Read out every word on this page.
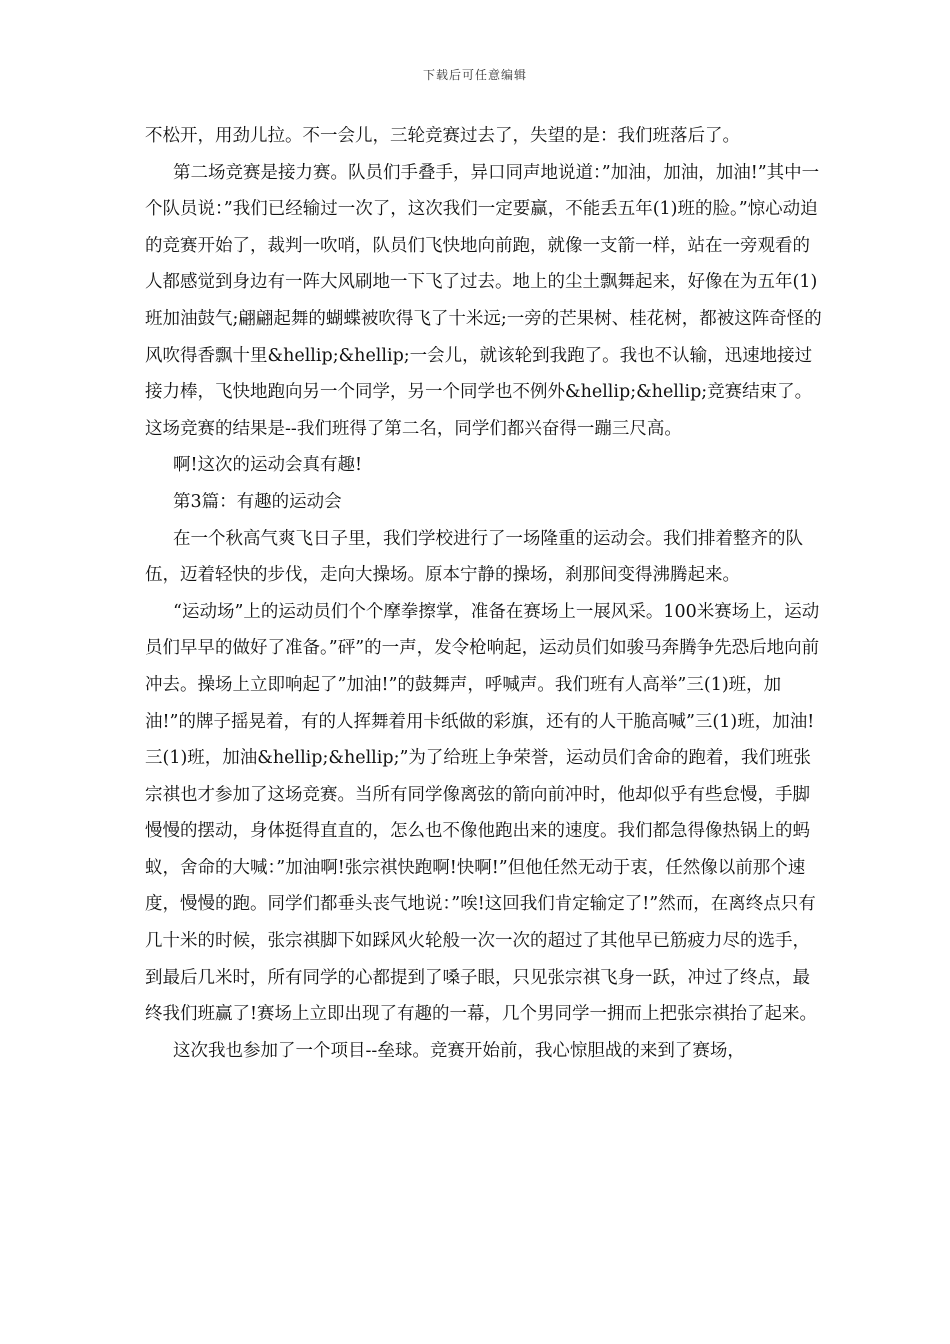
下载后可任意编辑

不松开，用劲儿拉。不一会儿，三轮竞赛过去了，失望的是：我们班落后了。

第二场竞赛是接力赛。队员们手叠手，异口同声地说道：”加油，加油，加油!”其中一个队员说：”我们已经输过一次了，这次我们一定要赢，不能丢五年(1)班的脸。”惊心动迫的竞赛开始了，裁判一吹哨，队员们飞快地向前跑，就像一支箭一样，站在一旁观看的人都感觉到身边有一阵大风刷地一下飞了过去。地上的尘土飘舞起来，好像在为五年(1)班加油鼓气;翩翩起舞的蝴蝶被吹得飞了十米远;一旁的芒果树、桂花树，都被这阵奇怪的风吹得香飘十里&hellip;&hellip;一会儿，就该轮到我跑了。我也不认输，迅速地接过接力棒，飞快地跑向另一个同学，另一个同学也不例外&hellip;&hellip;竞赛结束了。这场竞赛的结果是--我们班得了第二名，同学们都兴奋得一蹦三尺高。

啊!这次的运动会真有趣!

第3篇：有趣的运动会

在一个秋高气爽飞日子里，我们学校进行了一场隆重的运动会。我们排着整齐的队伍，迈着轻快的步伐，走向大操场。原本宁静的操场，刹那间变得沸腾起来。

“运动场”上的运动员们个个摩拳擦掌，准备在赛场上一展风采。100米赛场上，运动员们早早的做好了准备。”砰”的一声，发令枪响起，运动员们如骏马奔腾争先恐后地向前冲去。操场上立即响起了”加油!”的鼓舞声，呼喊声。我们班有人高举”三(1)班，加油!”的牌子摇晃着，有的人挥舞着用卡纸做的彩旗，还有的人干脆高喊”三(1)班，加油!三(1)班，加油&hellip;&hellip;”为了给班上争荣誉，运动员们舍命的跑着，我们班张宗祺也才参加了这场竞赛。当所有同学像离弦的箭向前冲时，他却似乎有些怠慢，手脚慢慢的摆动，身体挺得直直的，怎么也不像他跑出来的速度。我们都急得像热锅上的蚂蚁，舍命的大喊：”加油啊!张宗祺快跑啊!快啊!”但他任然无动于衷，任然像以前那个速度，慢慢的跑。同学们都垂头丧气地说：”唉!这回我们肯定输定了!”然而，在离终点只有几十米的时候，张宗祺脚下如踩风火轮般一次一次的超过了其他早已筋疲力尽的选手，到最后几米时，所有同学的心都提到了嗓子眼，只见张宗祺飞身一跃，冲过了终点，最终我们班赢了!赛场上立即出现了有趣的一幕，几个男同学一拥而上把张宗祺抬了起来。

这次我也参加了一个项目--垒球。竞赛开始前，我心惊胆战的来到了赛场，
